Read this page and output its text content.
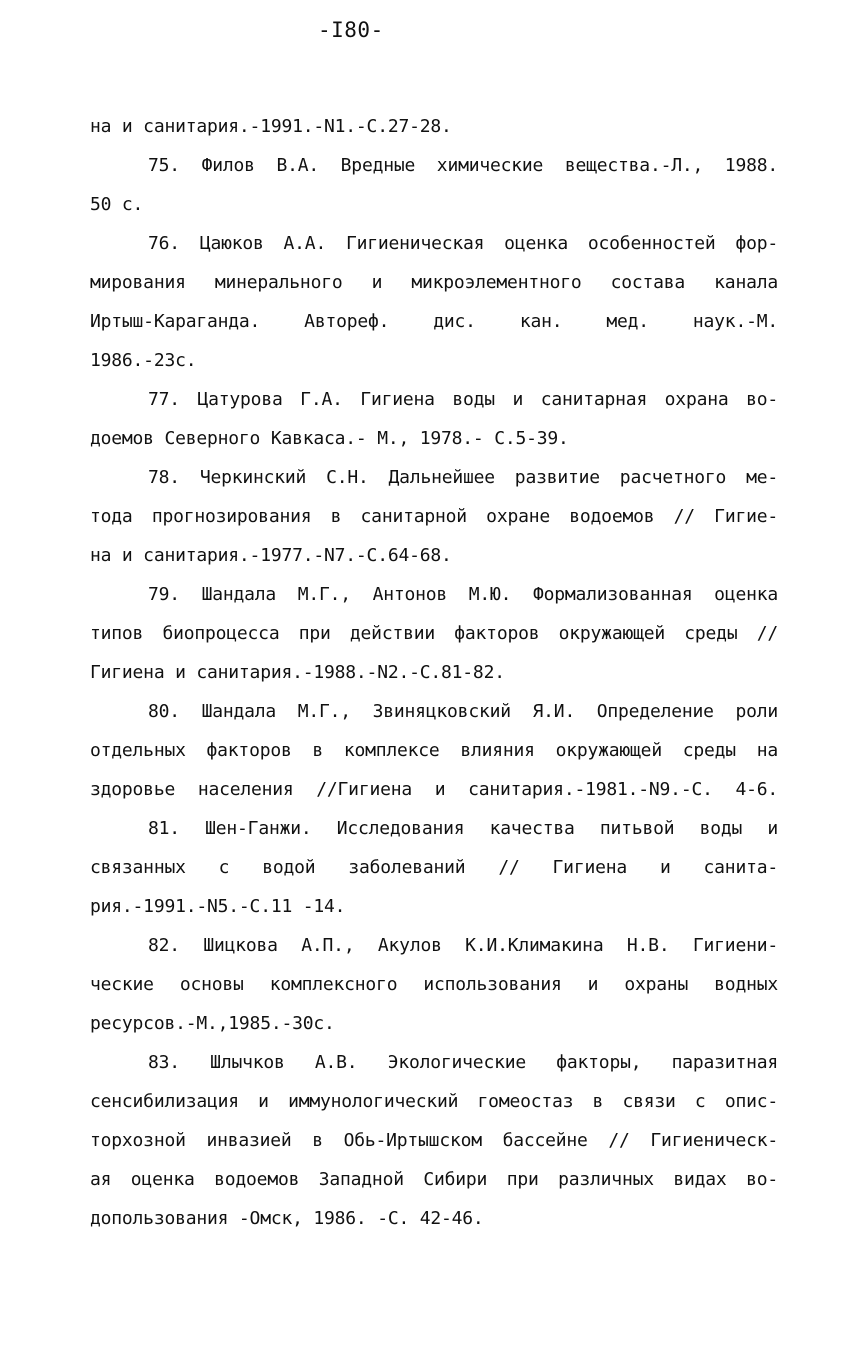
-I80-
на и санитария.-1991.-N1.-С.27-28.
75. Филов В.А. Вредные химические вещества.-Л., 1988.
50 с.
76. Цаюков А.А. Гигиеническая оценка особенностей фор-
мирования минерального и микроэлементного состава канала
Иртыш-Караганда. Автореф. дис. кан. мед. наук.-М.
1986.-23с.
77. Цатурова Г.А. Гигиена воды и санитарная охрана во-
доемов Северного Кавкаса.- М., 1978.- С.5-39.
78. Черкинский С.Н. Дальнейшее развитие расчетного ме-
тода прогнозирования в санитарной охране водоемов // Гигие-
на и санитария.-1977.-N7.-С.64-68.
79. Шандала М.Г., Антонов М.Ю. Формализованная оценка
типов биопроцесса при действии факторов окружающей среды //
Гигиена и санитария.-1988.-N2.-С.81-82.
80. Шандала М.Г., Звиняцковский Я.И. Определение роли
отдельных факторов в комплексе влияния окружающей среды на
здоровье населения //Гигиена и санитария.-1981.-N9.-С. 4-6.
81. Шен-Ганжи. Исследования качества питьвой воды и
связанных с водой заболеваний // Гигиена и санита-
рия.-1991.-N5.-С.11 -14.
82. Шицкова А.П., Акулов К.И.Климакина Н.В. Гигиени-
ческие основы комплексного использования и охраны водных
ресурсов.-М.,1985.-30с.
83. Шлычков А.В. Экологические факторы, паразитная
сенсибилизация и иммунологический гомеостаз в связи с опис-
торхозной инвазией в Обь-Иртышском бассейне // Гигиеническ-
ая оценка водоемов Западной Сибири при различных видах во-
допользования -Омск, 1986. -С. 42-46.
